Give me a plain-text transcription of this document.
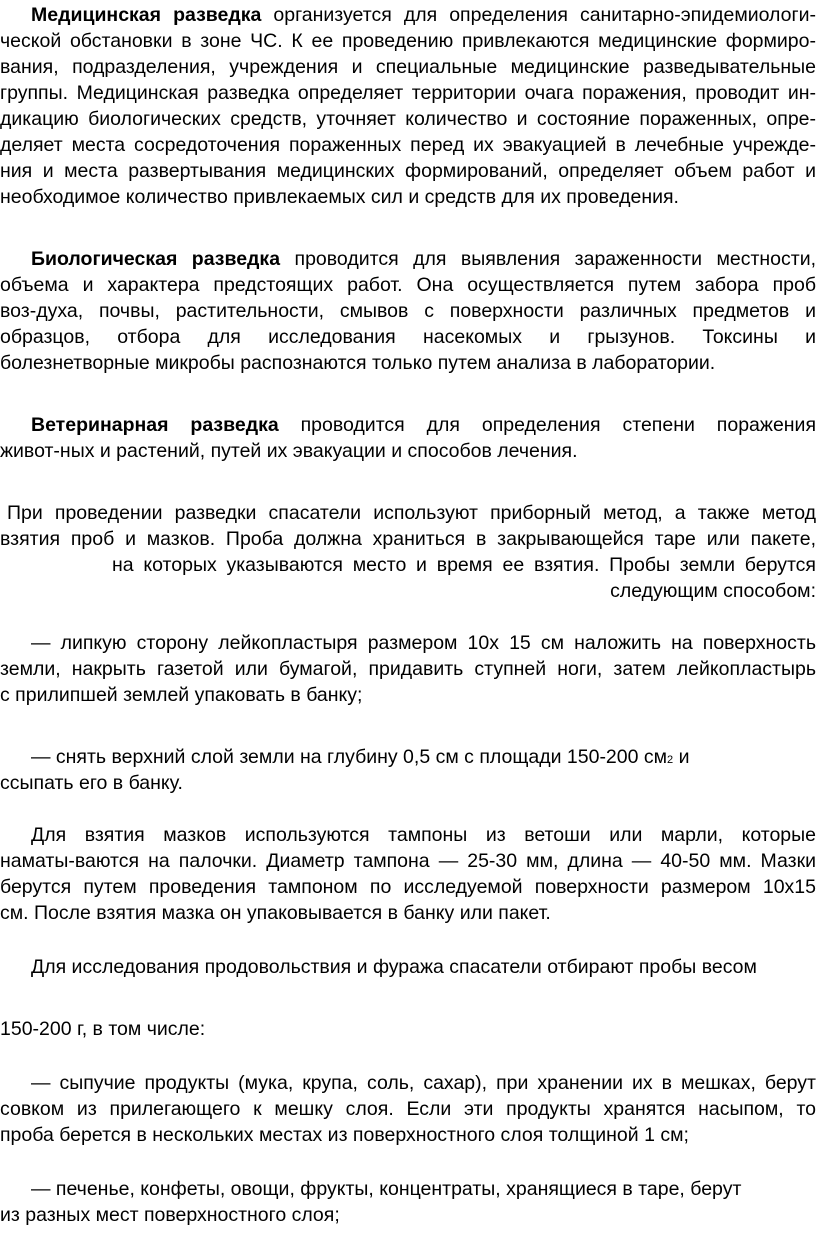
Медицинская разведка организуется для определения санитарно-эпидемиологи-
ческой обстановки в зоне ЧС. К ее проведению привлекаются медицинские формиро-
вания, подразделения, учреждения и специальные медицинские разведывательные
группы. Медицинская разведка определяет территории очага поражения, проводит ин-
дикацию биологических средств, уточняет количество и состояние пораженных, опре-
деляет места сосредоточения пораженных перед их эвакуацией в лечебные учрежде-
ния и места развертывания медицинских формирований, определяет объем работ и
необходимое количество привлекаемых сил и средств для их проведения.
Биологическая разведка проводится для выявления зараженности местности,
объема и характера предстоящих работ. Она осуществляется путем забора проб
воз-духа, почвы, растительности, смывов с поверхности различных предметов и
образцов, отбора для исследования насекомых и грызунов. Токсины и
болезнетворные микробы распознаются только путем анализа в лаборатории.
Ветеринарная разведка проводится для определения степени поражения
живот-ных и растений, путей их эвакуации и способов лечения.
При проведении разведки спасатели используют приборный метод, а также метод
взятия проб и мазков. Проба должна храниться в закрывающейся таре или пакете,
на которых указываются место и время ее взятия. Пробы земли берутся
следующим способом:
— липкую сторону лейкопластыря размером 10х 15 см наложить на поверхность
земли, накрыть газетой или бумагой, придавить ступней ноги, затем лейкопластырь
с прилипшей землей упаковать в банку;
— снять верхний слой земли на глубину 0,5 см с площади 150-200 см2 и
ссыпать его в банку.
Для взятия мазков используются тампоны из ветоши или марли, которые
наматы-ваются на палочки. Диаметр тампона — 25-30 мм, длина — 40-50 мм. Мазки
берутся путем проведения тампоном по исследуемой поверхности размером 10х15
см. После взятия мазка он упаковывается в банку или пакет.
Для исследования продовольствия и фуража спасатели отбирают пробы весом
150-200 г, в том числе:
— сыпучие продукты (мука, крупа, соль, сахар), при хранении их в мешках, берут
совком из прилегающего к мешку слоя. Если эти продукты хранятся насыпом, то
проба берется в нескольких местах из поверхностного слоя толщиной 1 см;
— печенье, конфеты, овощи, фрукты, концентраты, хранящиеся в таре, берут
из разных мест поверхностного слоя;
